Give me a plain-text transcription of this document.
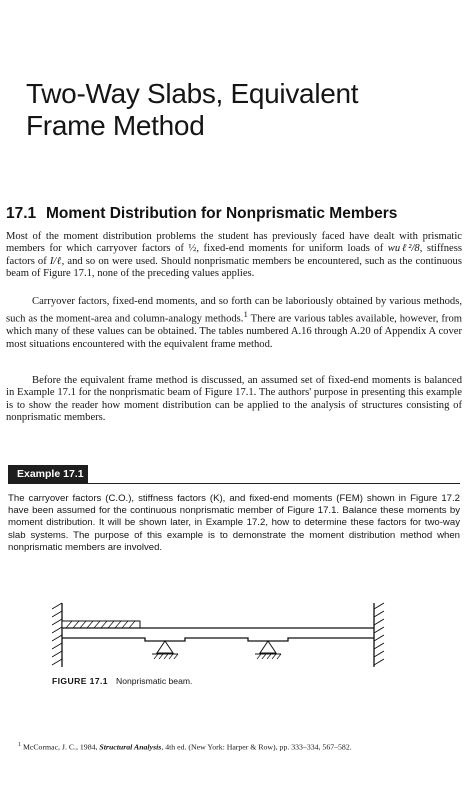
Two-Way Slabs, Equivalent
Frame Method
17.1 Moment Distribution for Nonprismatic Members
Most of the moment distribution problems the student has previously faced have dealt with prismatic members for which carryover factors of ½, fixed-end moments for uniform loads of wuℓ²/8, stiffness factors of I/ℓ, and so on were used. Should nonprismatic members be encountered, such as the continuous beam of Figure 17.1, none of the preceding values applies.
Carryover factors, fixed-end moments, and so forth can be laboriously obtained by various methods, such as the moment-area and column-analogy methods.$^1$ There are various tables available, however, from which many of these values can be obtained. The tables numbered A.16 through A.20 of Appendix A cover most situations encountered with the equivalent frame method.
Before the equivalent frame method is discussed, an assumed set of fixed-end moments is balanced in Example 17.1 for the nonprismatic beam of Figure 17.1. The authors' purpose in presenting this example is to show the reader how moment distribution can be applied to the analysis of structures consisting of nonprismatic members.
Example 17.1
The carryover factors (C.O.), stiffness factors (K), and fixed-end moments (FEM) shown in Figure 17.2 have been assumed for the continuous nonprismatic member of Figure 17.1. Balance these moments by moment distribution. It will be shown later, in Example 17.2, how to determine these factors for two-way slab systems. The purpose of this example is to demonstrate the moment distribution method when nonprismatic members are involved.
FIGURE 17.1 Nonprismatic beam.
$^1$ McCormac, J. C., 1984, Structural Analysis, 4th ed. (New York: Harper & Row), pp. 333–334, 567–582.
